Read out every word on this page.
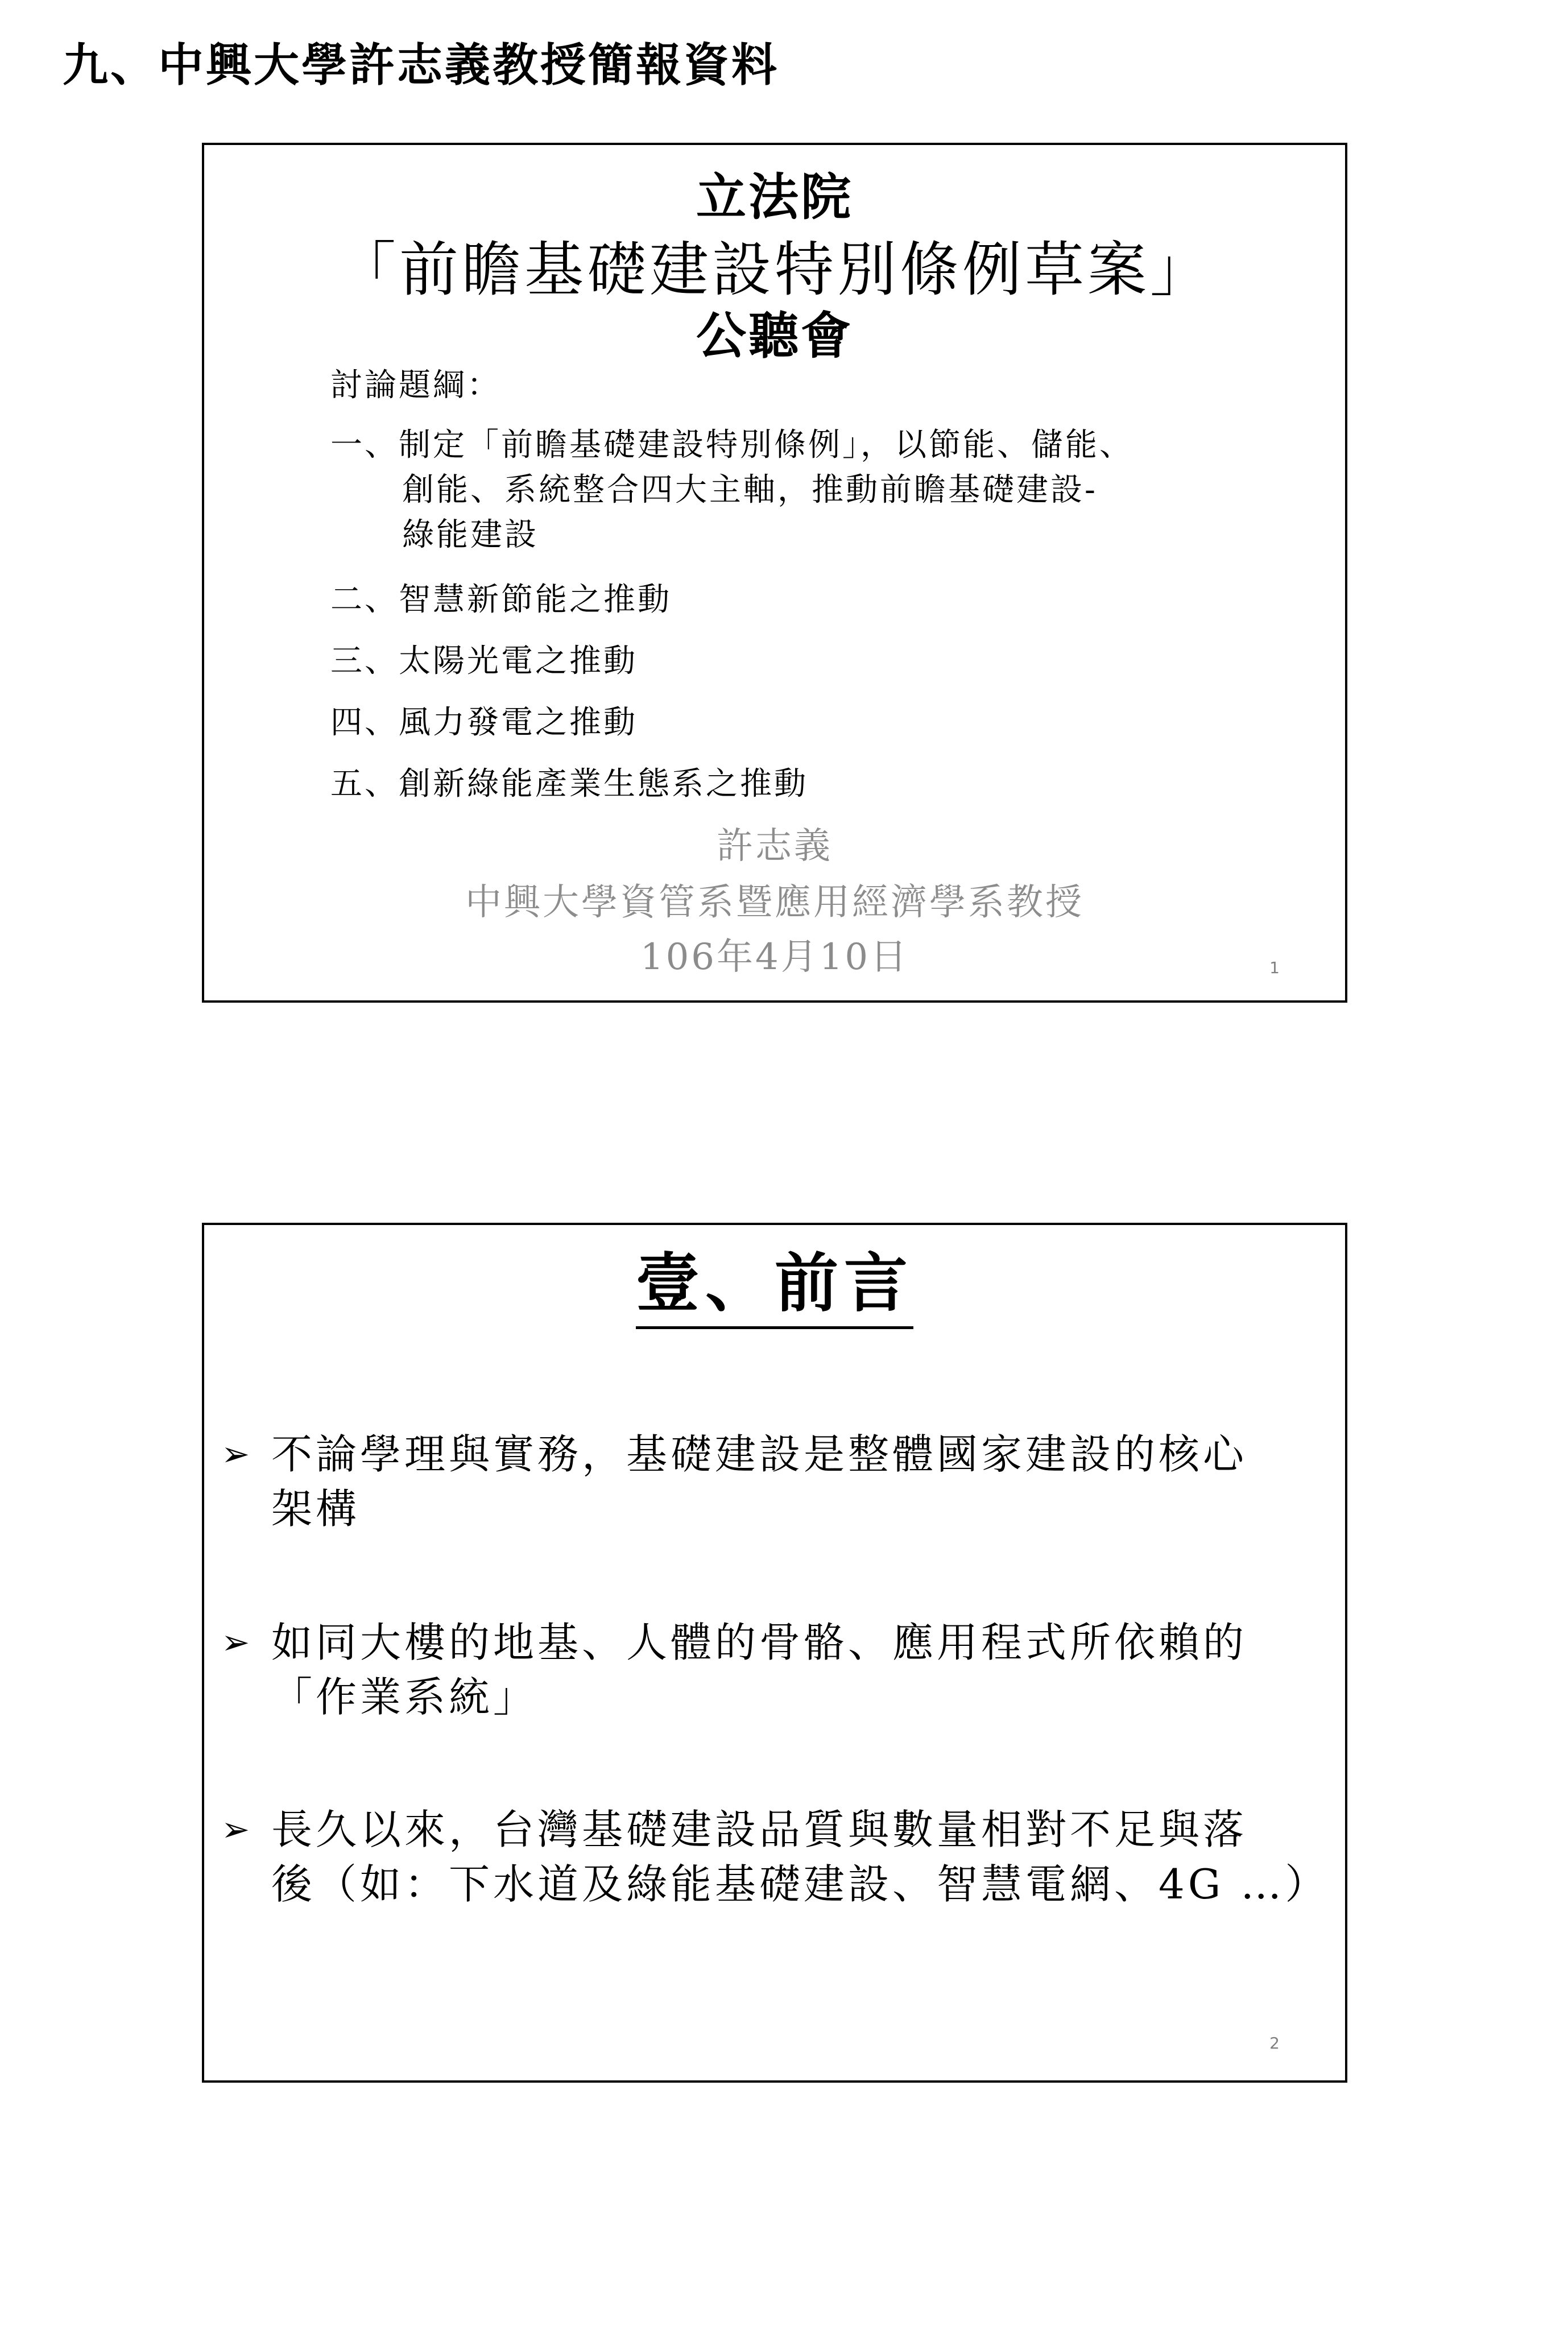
九、中興大學許志義教授簡報資料
立法院
「前瞻基礎建設特別條例草案」
公聽會
討論題綱：
一、制定「前瞻基礎建設特別條例」，以節能、儲能、
創能、系統整合四大主軸，推動前瞻基礎建設-
綠能建設
二、智慧新節能之推動
三、太陽光電之推動
四、風力發電之推動
五、創新綠能產業生態系之推動
許志義
中興大學資管系暨應用經濟學系教授
106年4月10日	1
壹、前言
➢ 不論學理與實務，基礎建設是整體國家建設的核心
架構
➢ 如同大樓的地基、人體的骨骼、應用程式所依賴的
「作業系統」
➢ 長久以來，台灣基礎建設品質與數量相對不足與落
後（如：下水道及綠能基礎建設、智慧電網、4G …）
2
